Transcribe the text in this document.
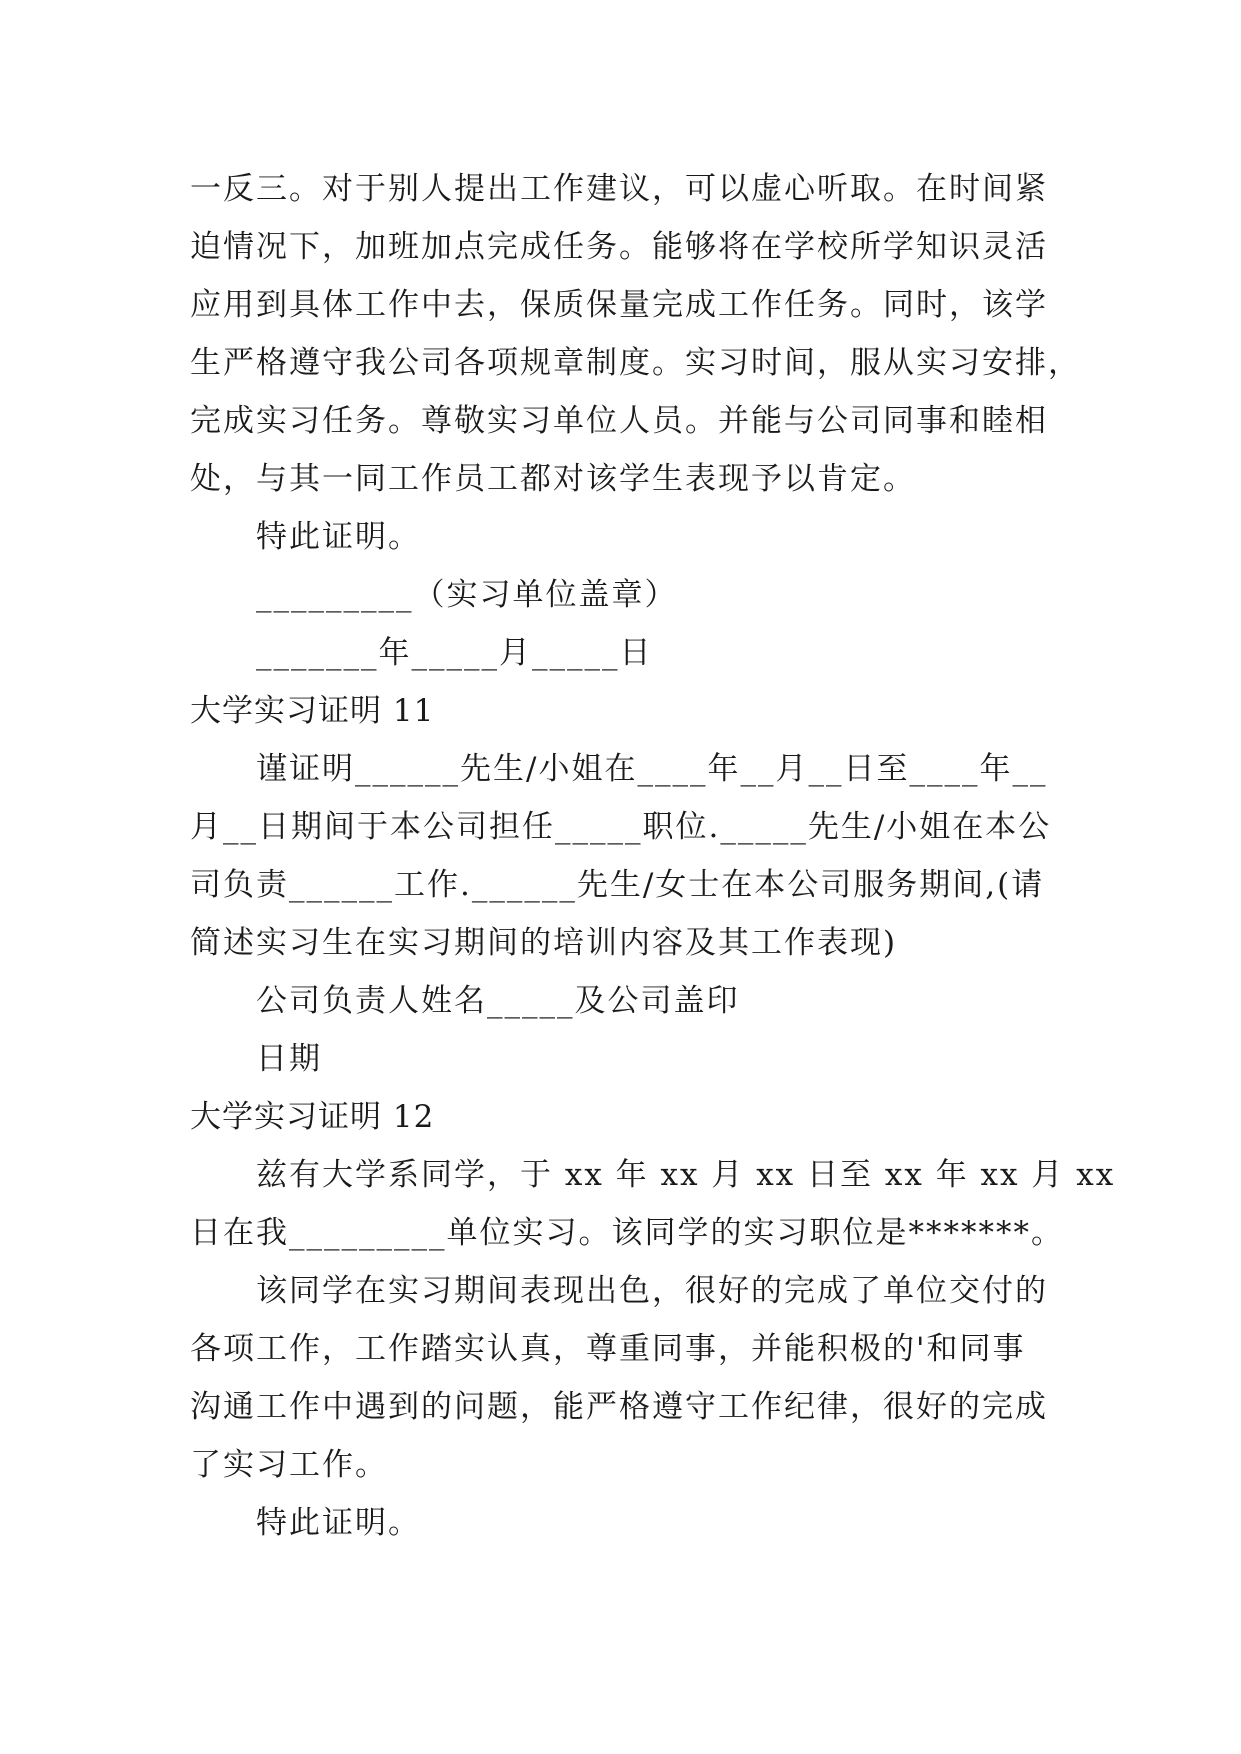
一反三。对于别人提出工作建议，可以虚心听取。在时间紧
迫情况下，加班加点完成任务。能够将在学校所学知识灵活
应用到具体工作中去，保质保量完成工作任务。同时，该学
生严格遵守我公司各项规章制度。实习时间，服从实习安排，
完成实习任务。尊敬实习单位人员。并能与公司同事和睦相
处，与其一同工作员工都对该学生表现予以肯定。
特此证明。
_________（实习单位盖章）
_______年_____月_____日
大学实习证明 11
谨证明______先生/小姐在____年__月__日至____年__
月__日期间于本公司担任_____职位._____先生/小姐在本公
司负责______工作.______先生/女士在本公司服务期间,(请
简述实习生在实习期间的培训内容及其工作表现)
公司负责人姓名_____及公司盖印
日期
大学实习证明 12
兹有大学系同学，于 xx 年 xx 月 xx 日至 xx 年 xx 月 xx
日在我_________单位实习。该同学的实习职位是*******。
该同学在实习期间表现出色，很好的完成了单位交付的
各项工作，工作踏实认真，尊重同事，并能积极的'和同事
沟通工作中遇到的问题，能严格遵守工作纪律，很好的完成
了实习工作。
特此证明。
